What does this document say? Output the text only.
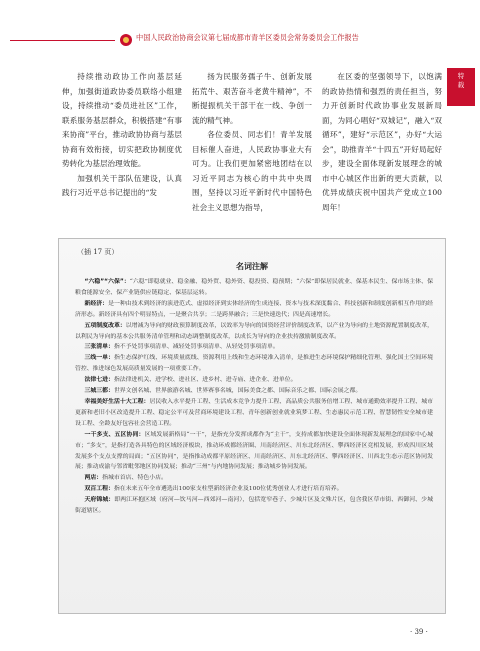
中国人民政治协商会议第七届成都市青羊区委员会常务委员会工作报告
特
载

持续推动政协工作向基层延伸，加强街道政协委员联络小组建设，持续推动“委员进社区”工作，联系服务基层群众，积极搭建“有事来协商”平台，推动政协协商与基层协商有效衔接，切实把政协制度优势转化为基层治理效能。

加强机关干部队伍建设，认真践行习近平总书记提出的“发

扬为民服务孺子牛、创新发展拓荒牛、艰苦奋斗老黄牛精神”，不断提振机关干部干在一线、争创一流的精气神。

各位委员、同志们！青羊发展目标催人奋进，人民政协事业大有可为。让我们更加紧密地团结在以习近平同志为核心的中共中央周围，坚持以习近平新时代中国特色社会主义思想为指导，

在区委的坚强领导下，以饱满的政协热情和强烈的责任担当，努力开创新时代政协事业发展新局面，为同心唱好“双城记”，融入“双循环”，建好“示范区”，办好“大运会”，助推青羊“十四五”开好局起好步，建设全面体现新发展理念的城市中心城区作出新的更大贡献，以优异成绩庆祝中国共产党成立100周年！

（插 17 页）
名词注解

“六稳”“六保”：“六稳”即稳就业、稳金融、稳外贸、稳外资、稳投资、稳预期；“六保”即保居民就业、保基本民生、保市场主体、保粮食能源安全、保产业链供应链稳定、保基层运转。

新经济：是一种由技术到经济的演进范式、虚拟经济到实体经济的生成连接、资本与技术深度黏合、科技创新和制度创新相互作用的经济形态。新经济具有四个明显特点，一是聚合共享；二是跨界融合；三是快速迭代；四是高速增长。

五项制度改革：以增减为导向的财政预算制度改革，以效率为导向的国资经营评价制度改革，以产业为导向的土地资源配置制度改革，以利民为导向的基本公共服务清单管理和动态调整制度改革，以成长为导向的企业扶持激励制度改革。

三张清单：指不予处罚事项清单、减轻处罚事项清单、从轻处罚事项清单。

三线一单：指生态保护红线、环境质量底线、资源利用上线和生态环境准入清单，是推进生态环境保护精细化管理、强化国土空间环境管控、推进绿色发展高质量发展的一项重要工作。

法律七进：指法律进机关、进学校、进社区、进乡村、进寺庙、进企业、进单位。

三城三都：世界文创名城、世界旅游名城、世界赛事名城，国际美食之都、国际音乐之都、国际会展之都。

幸福美好生活十大工程：居民收入水平提升工程、生活成本竞争力提升工程、高品质公共服务倍增工程、城市通勤效率提升工程、城市更新和老旧小区改造提升工程、稳定公平可及营商环境建设工程、青年创新创业就业筑梦工程、生态惠民示范工程、智慧韧性安全城市建设工程、全龄友好包容社会营造工程。

一干多支、五区协同：区域发展新格局“一干”，是指充分发挥成都作为“主干”，支持成都加快建设全面体现新发展理念的国家中心城市；“多支”，是指打造各具特色的区域经济板块，推动环成都经济圈、川南经济区、川东北经济区、攀西经济区竞相发展，形成四川区域发展多个支点支撑的局面；“五区协同”，是指推动成都平原经济区、川南经济区、川东北经济区、攀西经济区、川西北生态示范区协同发展；推动成渝与邻省毗邻地区协同发展；推动“三州”与内地协同发展；推动城乡协同发展。

两店：指城市首店、特色小店。

双百工程：指在未来五年全市遴选出100家支柱型新经济企业及100位优秀创业人才进行培育培养。

天府锦城：即两江环抱区域（府河—饮马河—西郊河—南河），包括宽窄巷子、少城片区及文殊片区，包含我区草市街、西御河、少城街道辖区。

· 39 ·
